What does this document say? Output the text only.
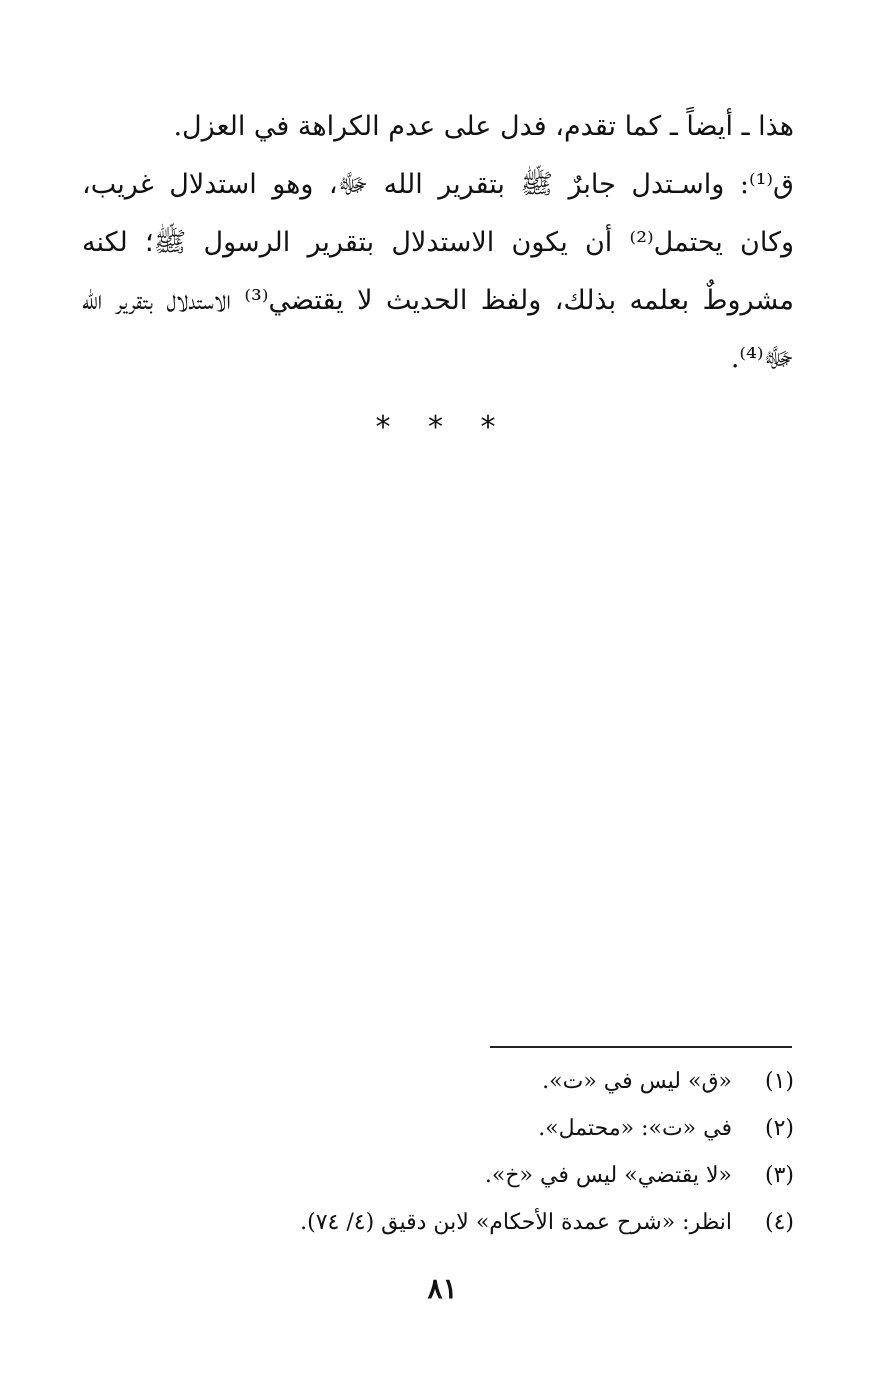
هذا ـ أيضاً ـ كما تقدم، فدل على عدم الكراهة في العزل.

ق⁽¹⁾: واسـتدل جابرٌ ﷺ بتقرير الله ﷻ، وهو استدلال غريب، وكان يحتمل⁽²⁾ أن يكون الاستدلال بتقرير الرسول ﷺ؛ لكنه مشروطٌ بعلمه بذلك، ولفظ الحديث لا يقتضي⁽³⁾ الاستدلال بتقرير الله ﷻ⁽⁴⁾.

* * *
(١)
«ق» ليس في «ت».
(٢)
في «ت»: «محتمل».
(٣)
«لا يقتضي» ليس في «خ».
(٤)
انظر: «شرح عمدة الأحكام» لابن دقيق (٤/ ٧٤).
٨١
